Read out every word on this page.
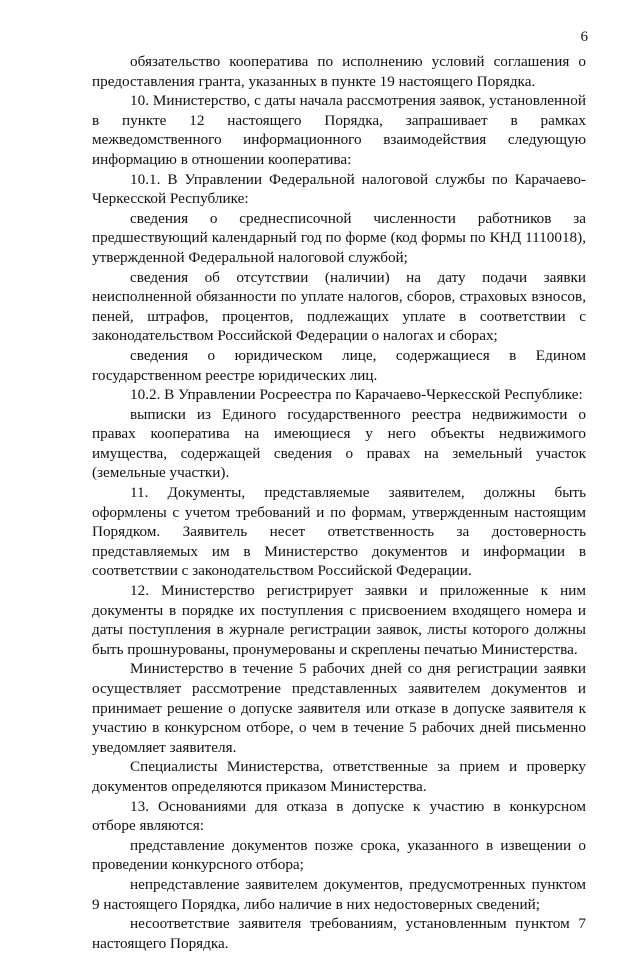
6

обязательство кооператива по исполнению условий соглашения о предоставления гранта, указанных в пункте 19 настоящего Порядка.

10. Министерство, с даты начала рассмотрения заявок, установленной в пункте 12 настоящего Порядка, запрашивает в рамках межведомственного информационного взаимодействия следующую информацию в отношении кооператива:

10.1. В Управлении Федеральной налоговой службы по Карачаево-Черкесской Республике:

сведения о среднесписочной численности работников за предшествующий календарный год по форме (код формы по КНД 1110018), утвержденной Федеральной налоговой службой;

сведения об отсутствии (наличии) на дату подачи заявки неисполненной обязанности по уплате налогов, сборов, страховых взносов, пеней, штрафов, процентов, подлежащих уплате в соответствии с законодательством Российской Федерации о налогах и сборах;

сведения о юридическом лице, содержащиеся в Едином государственном реестре юридических лиц.

10.2. В Управлении Росреестра по Карачаево-Черкесской Республике:

выписки из Единого государственного реестра недвижимости о правах кооператива на имеющиеся у него объекты недвижимого имущества, содержащей сведения о правах на земельный участок (земельные участки).

11. Документы, представляемые заявителем, должны быть оформлены с учетом требований и по формам, утвержденным настоящим Порядком. Заявитель несет ответственность за достоверность представляемых им в Министерство документов и информации в соответствии с законодательством Российской Федерации.

12. Министерство регистрирует заявки и приложенные к ним документы в порядке их поступления с присвоением входящего номера и даты поступления в журнале регистрации заявок, листы которого должны быть прошнурованы, пронумерованы и скреплены печатью Министерства.

Министерство в течение 5 рабочих дней со дня регистрации заявки осуществляет рассмотрение представленных заявителем документов и принимает решение о допуске заявителя или отказе в допуске заявителя к участию в конкурсном отборе, о чем в течение 5 рабочих дней письменно уведомляет заявителя.

Специалисты Министерства, ответственные за прием и проверку документов определяются приказом Министерства.

13. Основаниями для отказа в допуске к участию в конкурсном отборе являются:

представление документов позже срока, указанного в извещении о проведении конкурсного отбора;

непредставление заявителем документов, предусмотренных пунктом 9 настоящего Порядка, либо наличие в них недостоверных сведений;

несоответствие заявителя требованиям, установленным пунктом 7 настоящего Порядка.
